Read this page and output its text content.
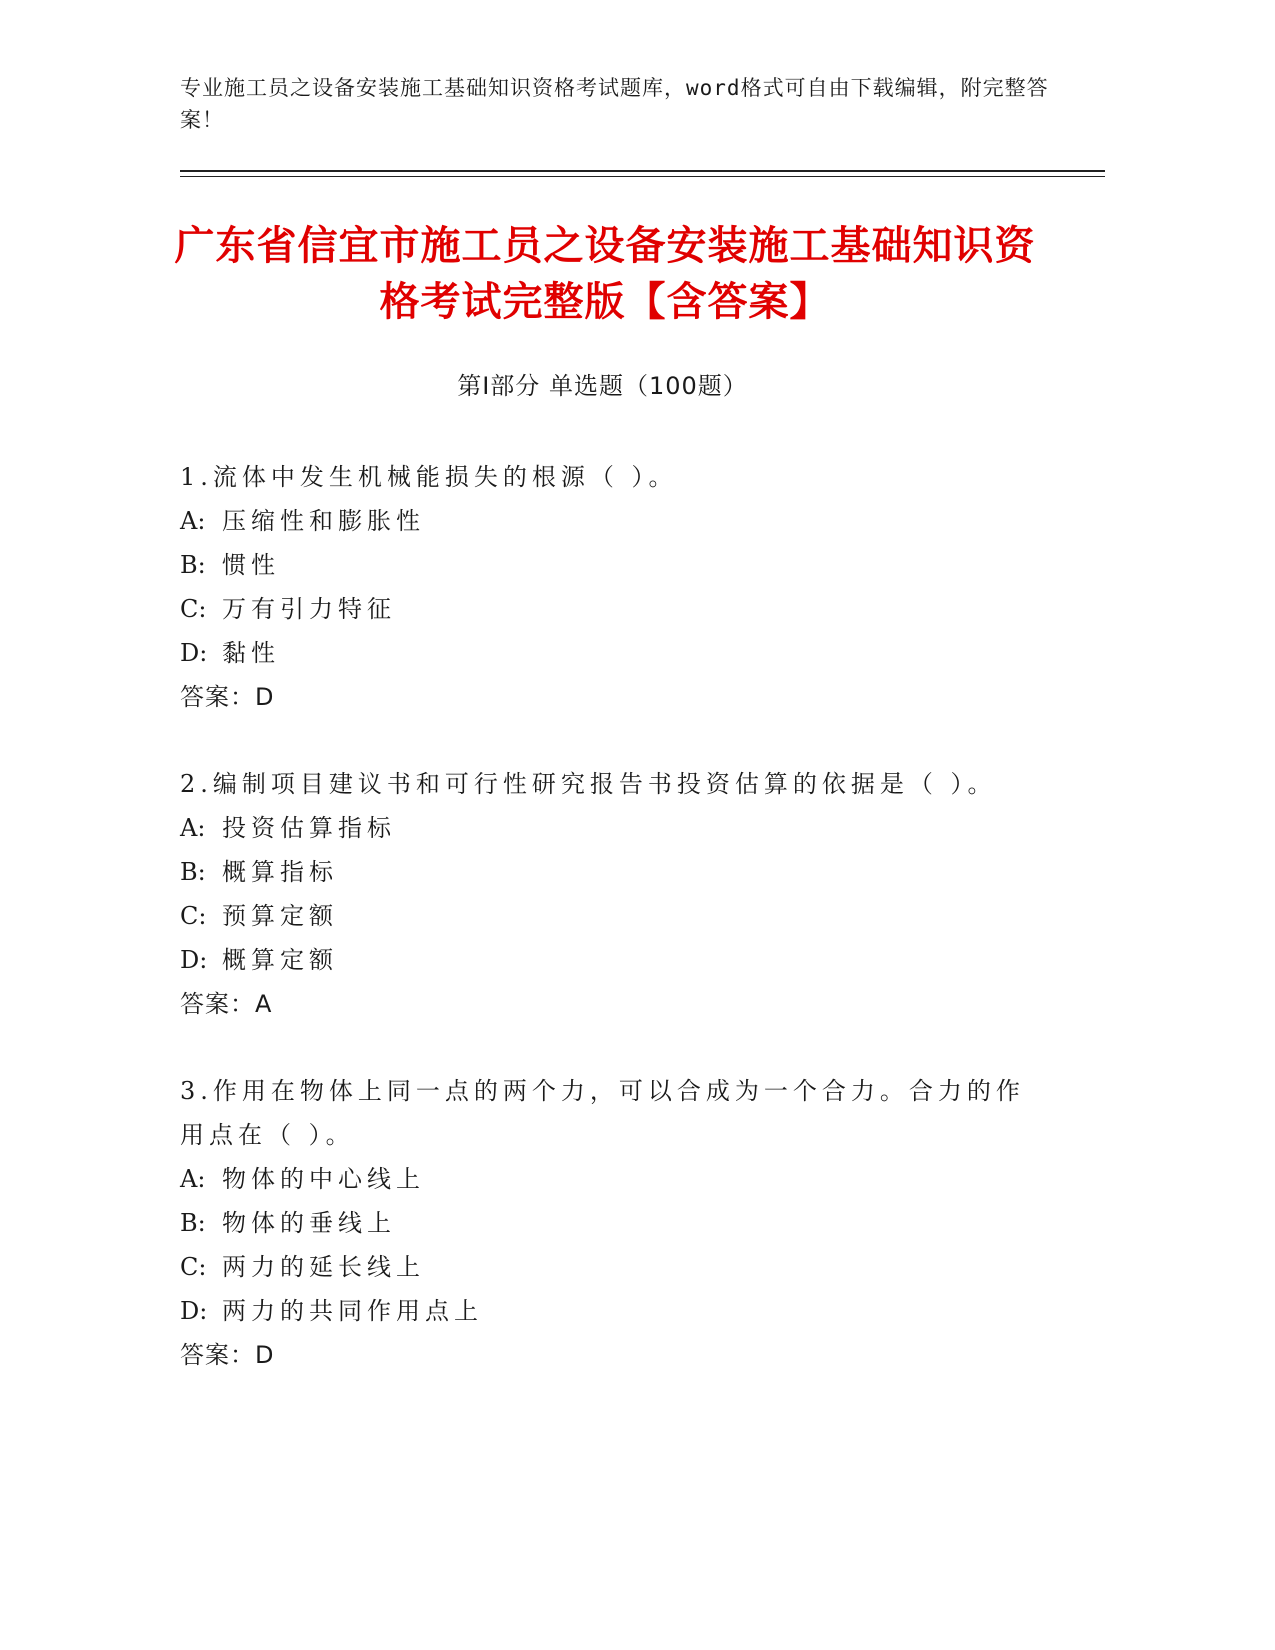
专业施工员之设备安装施工基础知识资格考试题库，word格式可自由下载编辑，附完整答案！
广东省信宜市施工员之设备安装施工基础知识资格考试完整版【含答案】
第Ⅰ部分 单选题（100题）

1.流体中发生机械能损失的根源（ ）。

A: 压缩性和膨胀性

B: 惯性

C: 万有引力特征

D: 黏性

答案：D

2.编制项目建议书和可行性研究报告书投资估算的依据是（ ）。

A: 投资估算指标

B: 概算指标

C: 预算定额

D: 概算定额

答案：A

3.作用在物体上同一点的两个力，可以合成为一个合力。合力的作用点在（ ）。

A: 物体的中心线上

B: 物体的垂线上

C: 两力的延长线上

D: 两力的共同作用点上

答案：D
